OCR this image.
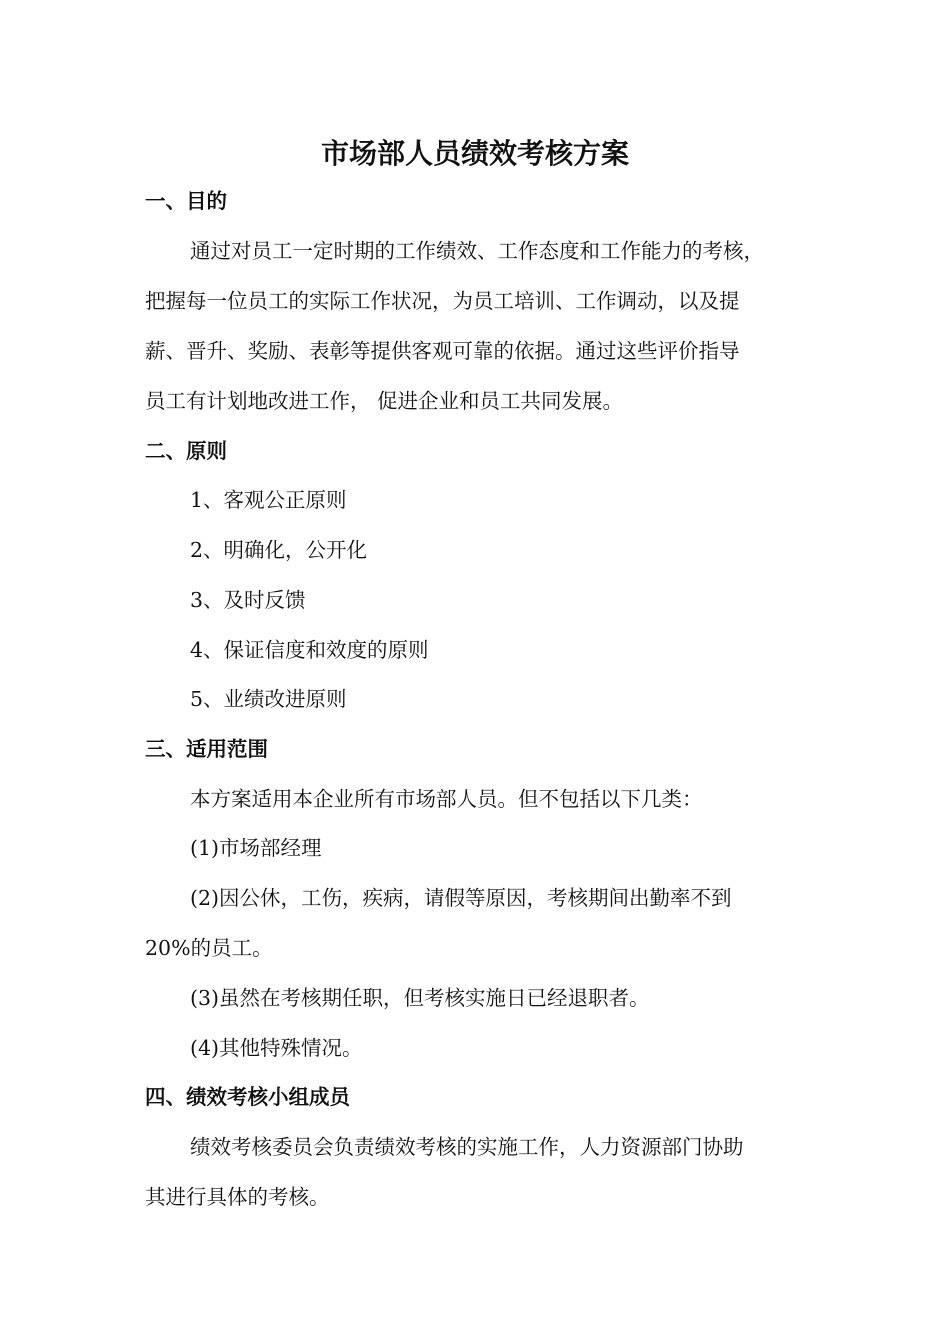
市场部人员绩效考核方案
一、目的

通过对员工一定时期的工作绩效、工作态度和工作能力的考核，

把握每一位员工的实际工作状况，为员工培训、工作调动，以及提

薪、晋升、奖励、表彰等提供客观可靠的依据。通过这些评价指导

员工有计划地改进工作， 促进企业和员工共同发展。

二、原则

1、客观公正原则

2、明确化，公开化

3、及时反馈

4、保证信度和效度的原则

5、业绩改进原则

三、适用范围

本方案适用本企业所有市场部人员。但不包括以下几类：

(1)市场部经理

(2)因公休，工伤，疾病，请假等原因，考核期间出勤率不到

20%的员工。

(3)虽然在考核期任职，但考核实施日已经退职者。

(4)其他特殊情况。

四、绩效考核小组成员

绩效考核委员会负责绩效考核的实施工作，人力资源部门协助

其进行具体的考核。
